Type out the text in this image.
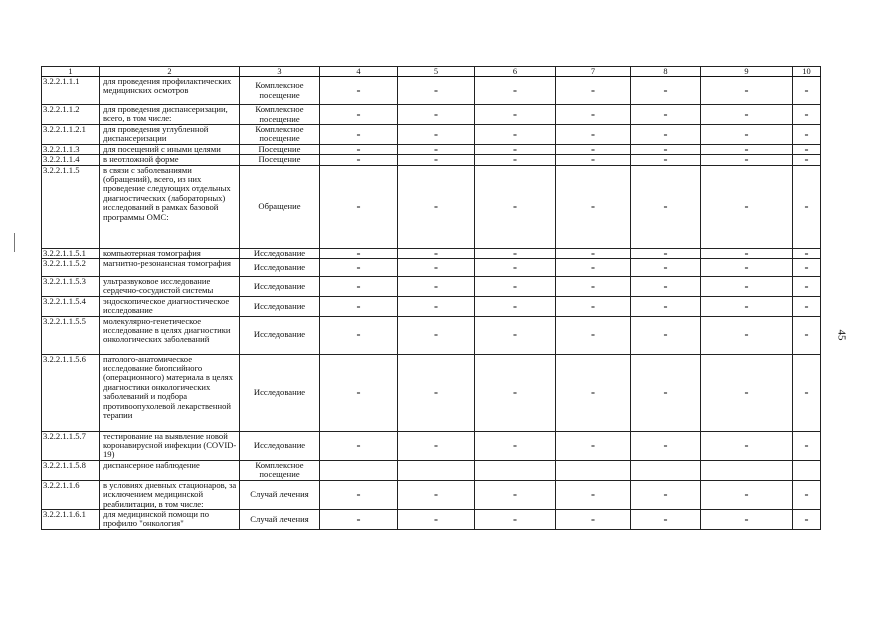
1	2	3	4	5	6	7	8	9	10
3.2.2.1.1.1	для проведения профилактических медицинских осмотров	Комплексное посещение	–	–	–	–	–	–	–
3.2.2.1.1.2	для проведения диспансеризации, всего, в том числе:	Комплексное посещение	–	–	–	–	–	–	–
3.2.2.1.1.2.1	для проведения углубленной диспансеризации	Комплексное посещение	–	–	–	–	–	–	–
3.2.2.1.1.3	для посещений с иными целями	Посещение	–	–	–	–	–	–	–
3.2.2.1.1.4	в неотложной форме	Посещение	–	–	–	–	–	–	–
3.2.2.1.1.5	в связи с заболеваниями (обращений), всего, из них проведение следующих отдельных диагностических (лабораторных) исследований в рамках базовой программы ОМС:	Обращение	–	–	–	–	–	–	–
3.2.2.1.1.5.1	компьютерная томография	Исследование	–	–	–	–	–	–	–
3.2.2.1.1.5.2	магнитно-резонансная томография	Исследование	–	–	–	–	–	–	–
3.2.2.1.1.5.3	ультразвуковое исследование сердечно-сосудистой системы	Исследование	–	–	–	–	–	–	–
3.2.2.1.1.5.4	эндоскопическое диагностическое исследование	Исследование	–	–	–	–	–	–	–
3.2.2.1.1.5.5	молекулярно-генетическое исследование в целях диагностики онкологических заболеваний	Исследование	–	–	–	–	–	–	–
3.2.2.1.1.5.6	патолого-анатомическое исследование биопсийного (операционного) материала в целях диагностики онкологических заболеваний и подбора противоопухолевой лекарственной терапии	Исследование	–	–	–	–	–	–	–
3.2.2.1.1.5.7	тестирование на выявление новой коронавирусной инфекции (COVID-19)	Исследование	–	–	–	–	–	–	–
3.2.2.1.1.5.8	диспансерное наблюдение	Комплексное посещение							
3.2.2.1.1.6	в условиях дневных стационаров, за исключением медицинской реабилитации, в том числе:	Случай лечения	–	–	–	–	–	–	–
3.2.2.1.1.6.1	для медицинской помощи по профилю "онкология"	Случай лечения	–	–	–	–	–	–	–
45
